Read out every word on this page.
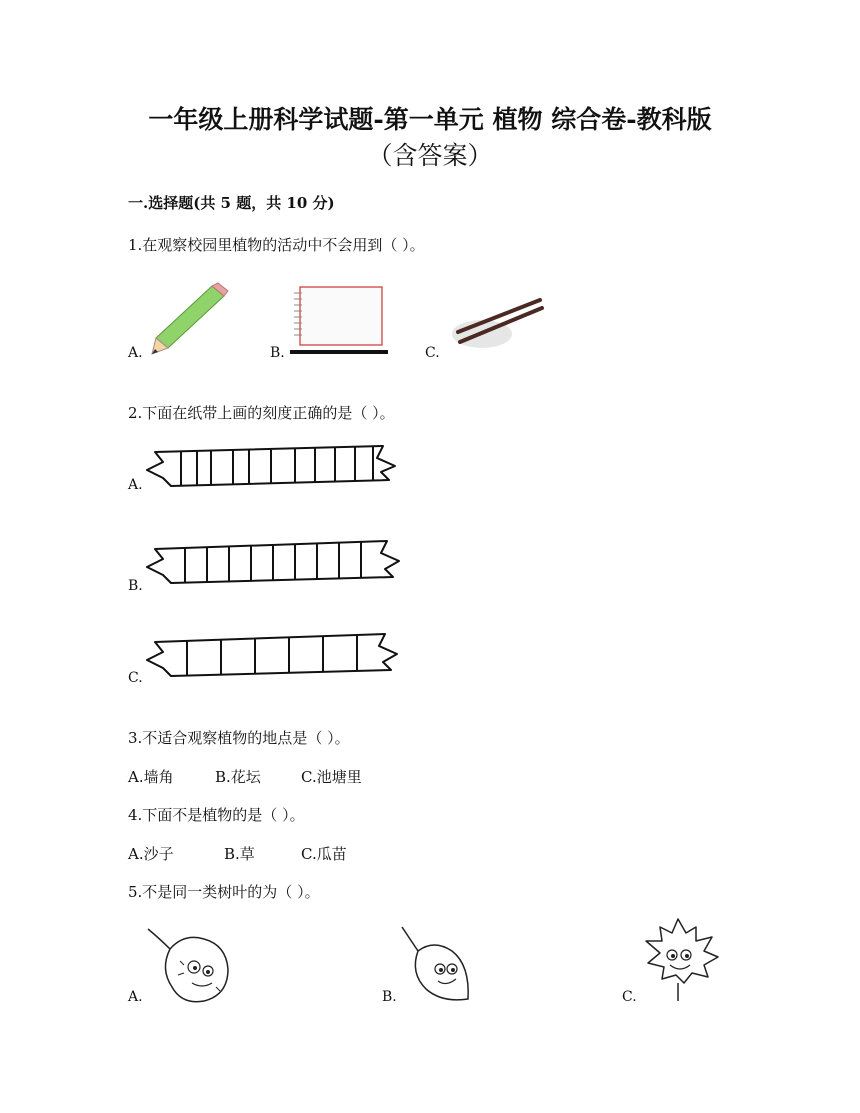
一年级上册科学试题-第一单元 植物 综合卷-教科版
（含答案）
一.选择题(共 5 题，共 10 分)
1.在观察校园里植物的活动中不会用到（ ）。
A.	B.	C.
2.下面在纸带上画的刻度正确的是（ ）。
A.
B.
C.
3.不适合观察植物的地点是（ ）。
A.墙角	B.花坛	C.池塘里
4.下面不是植物的是（ ）。
A.沙子	B.草	C.瓜苗
5.不是同一类树叶的为（ ）。
A.	B.	C.
